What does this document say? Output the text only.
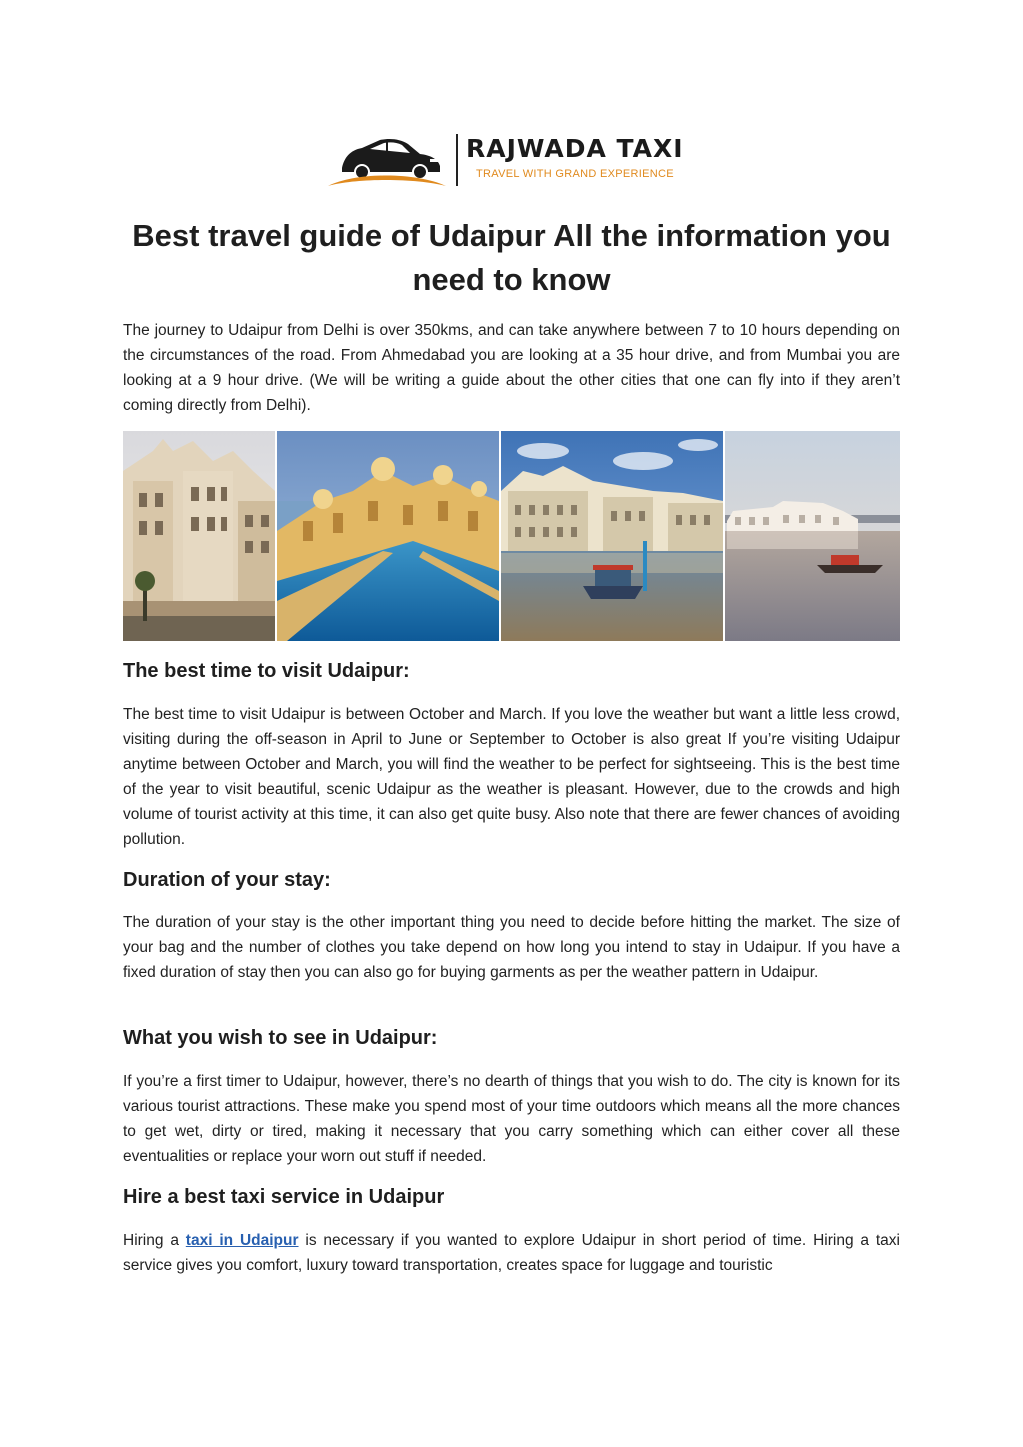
RAJWADA TAXI
TRAVEL WITH GRAND EXPERIENCE
Best travel guide of Udaipur All the information you need to know

The journey to Udaipur from Delhi is over 350kms, and can take anywhere between 7 to 10 hours depending on the circumstances of the road. From Ahmedabad you are looking at a 35 hour drive, and from Mumbai you are looking at a 9 hour drive. (We will be writing a guide about the other cities that one can fly into if they aren’t coming directly from Delhi).

The best time to visit Udaipur:

The best time to visit Udaipur is between October and March. If you love the weather but want a little less crowd, visiting during the off-season in April to June or September to October is also great If you’re visiting Udaipur anytime between October and March, you will find the weather to be perfect for sightseeing. This is the best time of the year to visit beautiful, scenic Udaipur as the weather is pleasant. However, due to the crowds and high volume of tourist activity at this time, it can also get quite busy. Also note that there are fewer chances of avoiding pollution.

Duration of your stay:

The duration of your stay is the other important thing you need to decide before hitting the market. The size of your bag and the number of clothes you take depend on how long you intend to stay in Udaipur. If you have a fixed duration of stay then you can also go for buying garments as per the weather pattern in Udaipur.

What you wish to see in Udaipur:

If you’re a first timer to Udaipur, however, there’s no dearth of things that you wish to do. The city is known for its various tourist attractions. These make you spend most of your time outdoors which means all the more chances to get wet, dirty or tired, making it necessary that you carry something which can either cover all these eventualities or replace your worn out stuff if needed.

Hire a best taxi service in Udaipur

Hiring a taxi in Udaipur is necessary if you wanted to explore Udaipur in short period of time. Hiring a taxi service gives you comfort, luxury toward transportation, creates space for luggage and touristic
